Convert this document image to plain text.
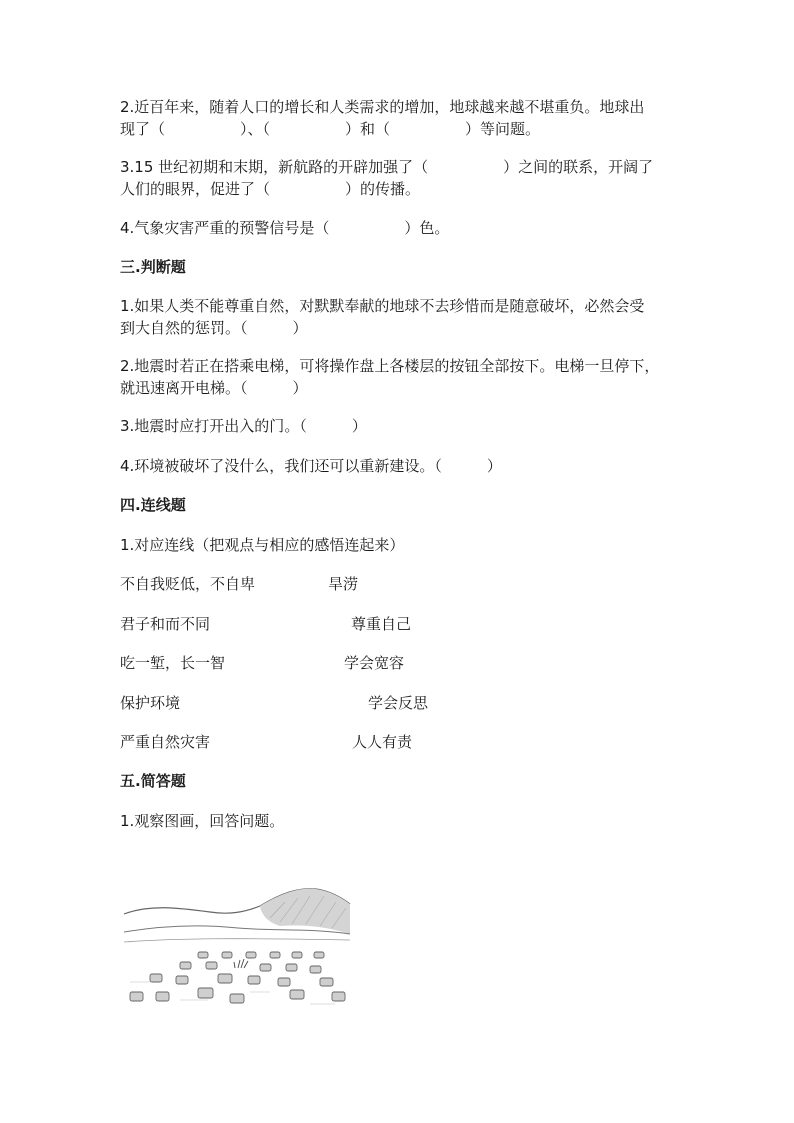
2.近百年来，随着人口的增长和人类需求的增加，地球越来越不堪重负。地球出
现了（　　　　　）、（　　　　　）和（　　　　　）等问题。
3.15 世纪初期和末期，新航路的开辟加强了（　　　　　）之间的联系，开阔了
人们的眼界，促进了（　　　　　）的传播。
4.气象灾害严重的预警信号是（　　　　　）色。
三.判断题
1.如果人类不能尊重自然，对默默奉献的地球不去珍惜而是随意破坏，必然会受
到大自然的惩罚。（　　　）
2.地震时若正在搭乘电梯，可将操作盘上各楼层的按钮全部按下。电梯一旦停下，
就迅速离开电梯。（　　　）
3.地震时应打开出入的门。（　　　）
4.环境被破坏了没什么，我们还可以重新建设。（　　　）
四.连线题
1.对应连线（把观点与相应的感悟连起来）
不自我贬低，不自卑	旱涝
君子和而不同	尊重自己
吃一堑，长一智	学会宽容
保护环境	学会反思
严重自然灾害	人人有责
五.简答题
1.观察图画，回答问题。
